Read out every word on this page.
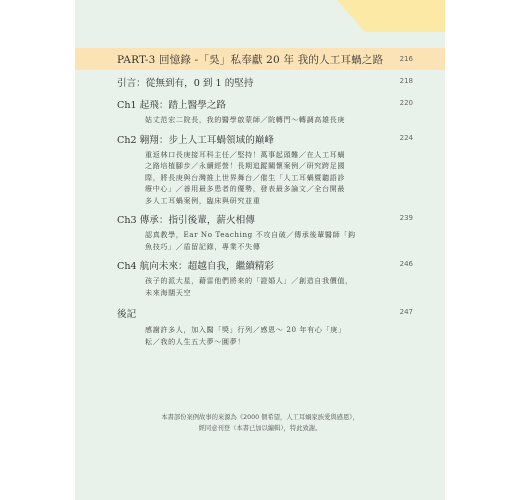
PART-3 回憶錄 -「吳」私奉獻 20 年 我的人工耳蝸之路 216
引言：從無到有，0 到 1 的堅持	218
Ch1 起飛：踏上醫學之路	220
姑丈范宏二院長，我的醫學啟蒙師／院轉門～轉調高雄長庚
Ch2 翱翔：步上人工耳蝸領域的巔峰	224
重返林口長庚接耳科主任／堅持！萬事起頭難／在人工耳蝸
之路培植腳步／永續經營！長期追蹤關懷案例／研究跨足國
際，將長庚與台灣推上世界舞台／催生「人工耳蝸暨聽語診
療中心」／善用最多患者的優勢，發表最多論文／全台開最
多人工耳蝸案例，臨床與研究並重
Ch3 傳承：指引後輩，薪火相傳	239
認真教學，Ear No Teaching 不攻自破／傳承後輩醫師「鈎
魚技巧」／盾留記錄，專業不失傳
Ch4 航向未來：超越自我，繼續精彩	246
孩子的派大星，藉雷他們將來的「證婚人」／創造自我價值，
未來海闊天空
後記	247
感謝許多人，加入醫「獎」行列／感恩～ 20 年有心「庚」
耘／我的人生五大夢～圓夢！
本書部份案例故事的來源為《2000 個希望，人工耳蝸家族愛與感恩》，
經同意刊登（本書已加以編輯），特此致謝。
